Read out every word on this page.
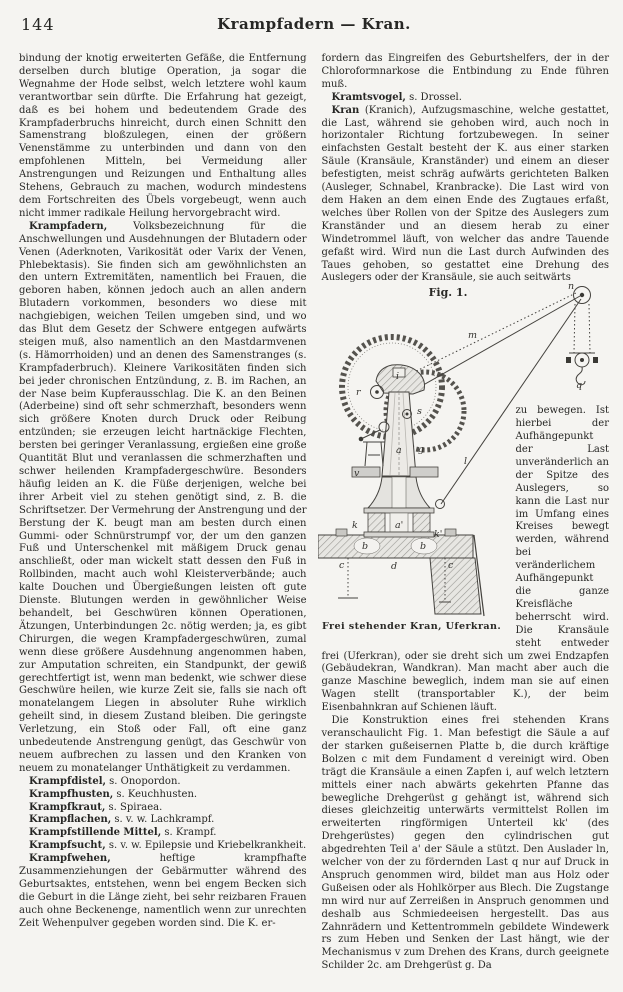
144	Krampfadern — Kran.

bindung der knotig erweiterten Gefäße, die Entfernung derselben durch blutige Operation, ja sogar die Wegnahme der Hode selbst, welch letztere wohl kaum verantwortbar sein dürfte. Die Erfahrung hat gezeigt, daß es bei hohem und bedeutendem Grade des Krampfaderbruchs hinreicht, durch einen Schnitt den Samenstrang bloßzulegen, einen der größern Venenstämme zu unterbinden und dann von den empfohlenen Mitteln, bei Vermeidung aller Anstrengungen und Reizungen und Enthaltung alles Stehens, Gebrauch zu machen, wodurch mindestens dem Fortschreiten des Übels vorgebeugt, wenn auch nicht immer radikale Heilung hervorgebracht wird.

Krampfadern, Volksbezeichnung für die Anschwellungen und Ausdehnungen der Blutadern oder Venen (Aderknoten, Varikosität oder Varix der Venen, Phlebektasis). Sie finden sich am gewöhnlichsten an den untern Extremitäten, namentlich bei Frauen, die geboren haben, können jedoch auch an allen andern Blutadern vorkommen, besonders wo diese mit nachgiebigen, weichen Teilen umgeben sind, und wo das Blut dem Gesetz der Schwere entgegen aufwärts steigen muß, also namentlich an den Mastdarmvenen (s. Hämorrhoiden) und an denen des Samenstranges (s. Krampfaderbruch). Kleinere Varikositäten finden sich bei jeder chronischen Entzündung, z. B. im Rachen, an der Nase beim Kupferausschlag. Die K. an den Beinen (Aderbeine) sind oft sehr schmerzhaft, besonders wenn sich größere Knoten durch Druck oder Reibung entzünden; sie erzeugen leicht hartnäckige Flechten, bersten bei geringer Veranlassung, ergießen eine große Quantität Blut und veranlassen die schmerzhaften und schwer heilenden Krampfadergeschwüre. Besonders häufig leiden an K. die Füße derjenigen, welche bei ihrer Arbeit viel zu stehen genötigt sind, z. B. die Schriftsetzer. Der Vermehrung der Anstrengung und der Berstung der K. beugt man am besten durch einen Gummi- oder Schnürstrumpf vor, der um den ganzen Fuß und Unterschenkel mit mäßigem Druck genau anschließt, oder man wickelt statt dessen den Fuß in Rollbinden, macht auch wohl Kleisterverbände; auch kalte Douchen und Übergießungen leisten oft gute Dienste. Blutungen werden in gewöhnlicher Weise behandelt, bei Geschwüren können Operationen, Ätzungen, Unterbindungen 2c. nötig werden; ja, es gibt Chirurgen, die wegen Krampfadergeschwüren, zumal wenn diese größere Ausdehnung angenommen haben, zur Amputation schreiten, ein Standpunkt, der gewiß gerechtfertigt ist, wenn man bedenkt, wie schwer diese Geschwüre heilen, wie kurze Zeit sie, falls sie nach oft monatelangem Liegen in absoluter Ruhe wirklich geheilt sind, in diesem Zustand bleiben. Die geringste Verletzung, ein Stoß oder Fall, oft eine ganz unbedeutende Anstrengung genügt, das Geschwür von neuem aufbrechen zu lassen und den Kranken von neuem zu monatelanger Unthätigkeit zu verdammen.

Krampfdistel, s. Onopordon.

Krampfhusten, s. Keuchhusten.

Krampfkraut, s. Spiraea.

Krampflachen, s. v. w. Lachkrampf.

Krampfstillende Mittel, s. Krampf.

Krampfsucht, s. v. w. Epilepsie und Kriebelkrankheit.

Krampfwehen, heftige krampfhafte Zusammenziehungen der Gebärmutter während des Geburtsaktes, entstehen, wenn bei engem Becken sich die Geburt in die Länge zieht, bei sehr reizbaren Frauen auch ohne Beckenenge, namentlich wenn zur unrechten Zeit Wehenpulver gegeben worden sind. Die K. er-

fordern das Eingreifen des Geburtshelfers, der in der Chloroformnarkose die Entbindung zu Ende führen muß.

Kramtsvogel, s. Drossel.

Kran (Kranich), Aufzugsmaschine, welche gestattet, die Last, während sie gehoben wird, auch noch in horizontaler Richtung fortzubewegen. In seiner einfachsten Gestalt besteht der K. aus einer starken Säule (Kransäule, Kranständer) und einem an dieser befestigten, meist schräg aufwärts gerichteten Balken (Ausleger, Schnabel, Kranbracke). Die Last wird von dem Haken an dem einen Ende des Zugtaues erfaßt, welches über Rollen von der Spitze des Auslegers zum Kranständer und an diesem herab zu einer Windetrommel läuft, von welcher das andre Tauende gefaßt wird. Wird nun die Last durch Aufwinden des Taues gehoben, so gestattet eine Drehung des Auslegers oder der Kransäule, sie auch seitwärts

Fig. 1.	n
m
l
r
i
s
g
a
v
k	a'
k'
q
b	b
c	c
d
Frei stehender Kran, Uferkran.

zu bewegen. Ist hierbei der Aufhängepunkt der Last unveränderlich an der Spitze des Auslegers, so kann die Last nur im Umfang eines Kreises bewegt werden, während bei veränderlichem Aufhängepunkt die ganze Kreisfläche beherrscht wird. Die Kransäule steht entweder frei (Uferkran), oder sie dreht sich um zwei Endzapfen (Gebäudekran, Wandkran). Man macht aber auch die ganze Maschine beweglich, indem man sie auf einen Wagen stellt (transportabler K.), der beim Eisenbahnkran auf Schienen läuft.

Die Konstruktion eines frei stehenden Krans veranschaulicht Fig. 1. Man befestigt die Säule a auf der starken gußeisernen Platte b, die durch kräftige Bolzen c mit dem Fundament d vereinigt wird. Oben trägt die Kransäule a einen Zapfen i, auf welch letztern mittels einer nach abwärts gekehrten Pfanne das bewegliche Drehgerüst g gehängt ist, während sich dieses gleichzeitig unterwärts vermittelst Rollen im erweiterten ringförmigen Unterteil kk' (des Drehgerüstes) gegen den cylindrischen gut abgedrehten Teil a' der Säule a stützt. Den Auslader ln, welcher von der zu fördernden Last q nur auf Druck in Anspruch genommen wird, bildet man aus Holz oder Gußeisen oder als Hohlkörper aus Blech. Die Zugstange mn wird nur auf Zerreißen in Anspruch genommen und deshalb aus Schmiedeeisen hergestellt. Das aus Zahnrädern und Kettentrommeln gebildete Windewerk rs zum Heben und Senken der Last hängt, wie der Mechanismus v zum Drehen des Krans, durch geeignete Schilder 2c. am Drehgerüst g. Da
